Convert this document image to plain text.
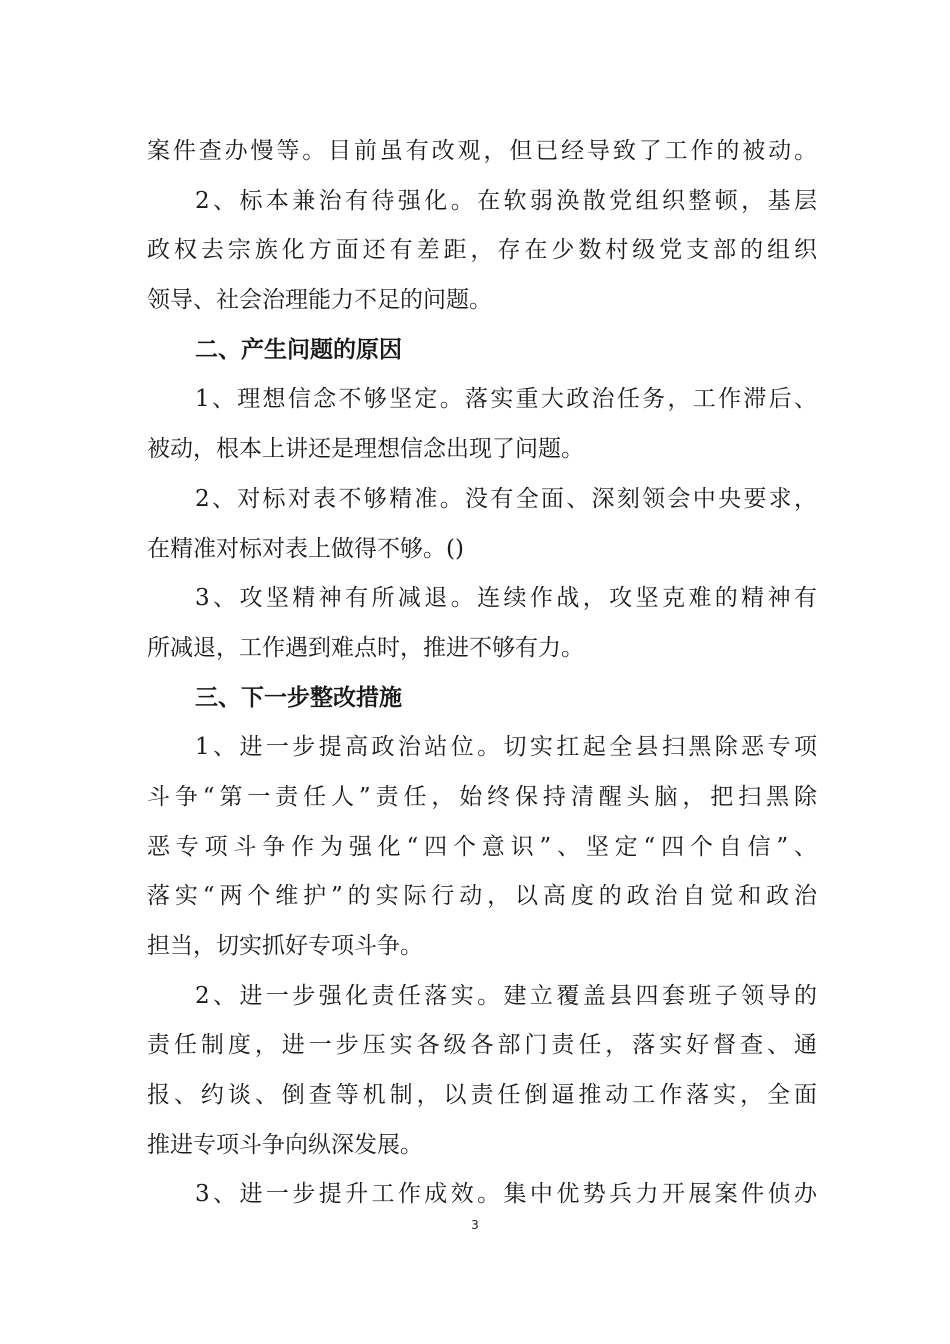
案件查办慢等。目前虽有改观，但已经导致了工作的被动。
2、标本兼治有待强化。在软弱涣散党组织整顿，基层
政权去宗族化方面还有差距，存在少数村级党支部的组织
领导、社会治理能力不足的问题。
二、产生问题的原因
1、理想信念不够坚定。落实重大政治任务，工作滞后、
被动，根本上讲还是理想信念出现了问题。
2、对标对表不够精准。没有全面、深刻领会中央要求，
在精准对标对表上做得不够。()
3、攻坚精神有所减退。连续作战，攻坚克难的精神有
所减退，工作遇到难点时，推进不够有力。
三、下一步整改措施
1、进一步提高政治站位。切实扛起全县扫黑除恶专项
斗争“第一责任人”责任，始终保持清醒头脑，把扫黑除
恶专项斗争作为强化“四个意识”、坚定“四个自信”、
落实“两个维护”的实际行动，以高度的政治自觉和政治
担当，切实抓好专项斗争。
2、进一步强化责任落实。建立覆盖县四套班子领导的
责任制度，进一步压实各级各部门责任，落实好督查、通
报、约谈、倒查等机制，以责任倒逼推动工作落实，全面
推进专项斗争向纵深发展。
3、进一步提升工作成效。集中优势兵力开展案件侦办
3
